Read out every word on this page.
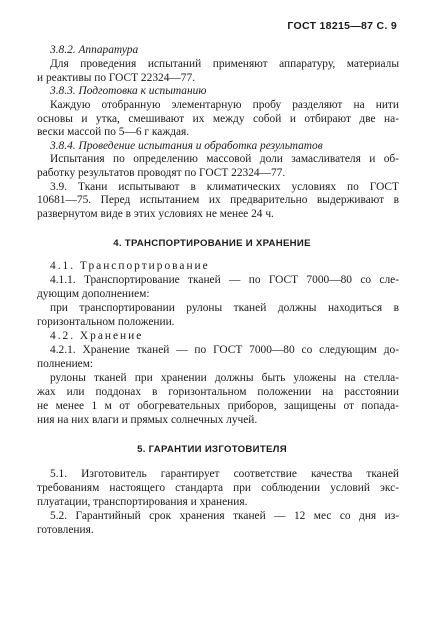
ГОСТ 18215—87 С. 9
3.8.2. Аппаратура
Для проведения испытаний применяют аппаратуру, материалы
и реактивы по ГОСТ 22324—77.
3.8.3. Подготовка к испытанию
Каждую отобранную элементарную пробу разделяют на нити
основы и утка, смешивают их между собой и отбирают две на-
вески массой по 5—6 г каждая.
3.8.4. Проведение испытания и обработка результатов
Испытания по определению массовой доли замасливателя и об-
работку результатов проводят по ГОСТ 22324—77.
3.9. Ткани испытывают в климатических условиях по ГОСТ
10681—75. Перед испытанием их предварительно выдерживают в
развернутом виде в этих условиях не менее 24 ч.
4. ТРАНСПОРТИРОВАНИЕ И ХРАНЕНИЕ
4.1. Транспортирование
4.1.1. Транспортирование тканей — по ГОСТ 7000—80 со сле-
дующим дополнением:
при транспортировании рулоны тканей должны находиться в
горизонтальном положении.
4.2. Хранение
4.2.1. Хранение тканей — по ГОСТ 7000—80 со следующим до-
полнением:
рулоны тканей при хранении должны быть уложены на стелла-
жах или поддонах в горизонтальном положении на расстоянии
не менее 1 м от обогревательных приборов, защищены от попада-
ния на них влаги и прямых солнечных лучей.
5. ГАРАНТИИ ИЗГОТОВИТЕЛЯ
5.1. Изготовитель гарантирует соответствие качества тканей
требованиям настоящего стандарта при соблюдении условий экс-
плуатации, транспортирования и хранения.
5.2. Гарантийный срок хранения тканей — 12 мес со дня из-
готовления.
